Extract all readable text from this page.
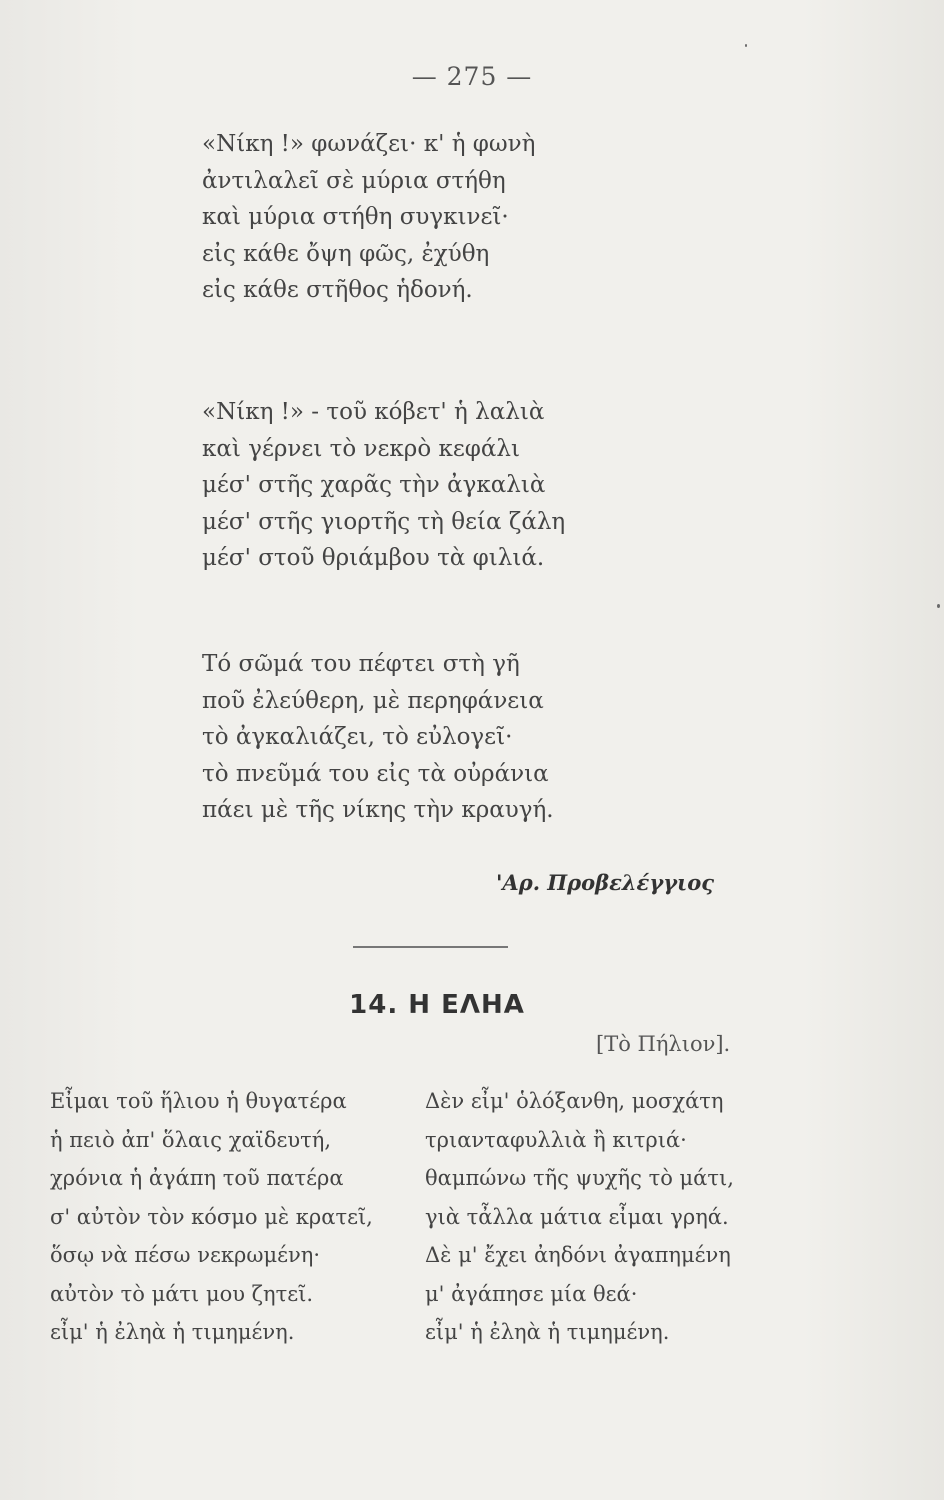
— 275 —
«Νίκη !» φωνάζει· κ' ἡ φωνὴ
ἀντιλαλεῖ σὲ μύρια στήθη
καὶ μύρια στήθη συγκινεῖ·
εἰς κάθε ὄψη φῶς, ἐχύθη
εἰς κάθε στῆθος ἡδονή.
«Νίκη !» - τοῦ κόβετ' ἡ λαλιὰ
καὶ γέρνει τὸ νεκρὸ κεφάλι
μέσ' στῆς χαρᾶς τὴν ἀγκαλιὰ
μέσ' στῆς γιορτῆς τὴ θεία ζάλη
μέσ' στοῦ θριάμβου τὰ φιλιά.
Τό σῶμά του πέφτει στὴ γῆ
ποῦ ἐλεύθερη, μὲ περηφάνεια
τὸ ἀγκαλιάζει, τὸ εὐλογεῖ·
τὸ πνεῦμά του εἰς τὰ οὐράνια
πάει μὲ τῆς νίκης τὴν κραυγή.
'Αρ. Προβελέγγιος
14. Η ΕΛΗΑ
[Τὸ Πήλιον].
Εἶμαι τοῦ ἥλιου ἡ θυγατέρα
ἡ πειὸ ἀπ' ὅλαις χαϊδευτή,
χρόνια ἡ ἀγάπη τοῦ πατέρα
σ' αὐτὸν τὸν κόσμο μὲ κρατεῖ,
ὅσῳ νὰ πέσω νεκρωμένη·
αὐτὸν τὸ μάτι μου ζητεῖ.
εἶμ' ἡ ἐληὰ ἡ τιμημένη.
Δὲν εἶμ' ὁλόξανθη, μοσχάτη
τριανταφυλλιὰ ἢ κιτριά·
θαμπώνω τῆς ψυχῆς τὸ μάτι,
γιὰ τἆλλα μάτια εἶμαι γρηά.
Δὲ μ' ἔχει ἀηδόνι ἀγαπημένη
μ' ἀγάπησε μία θεά·
εἶμ' ἡ ἐληὰ ἡ τιμημένη.
